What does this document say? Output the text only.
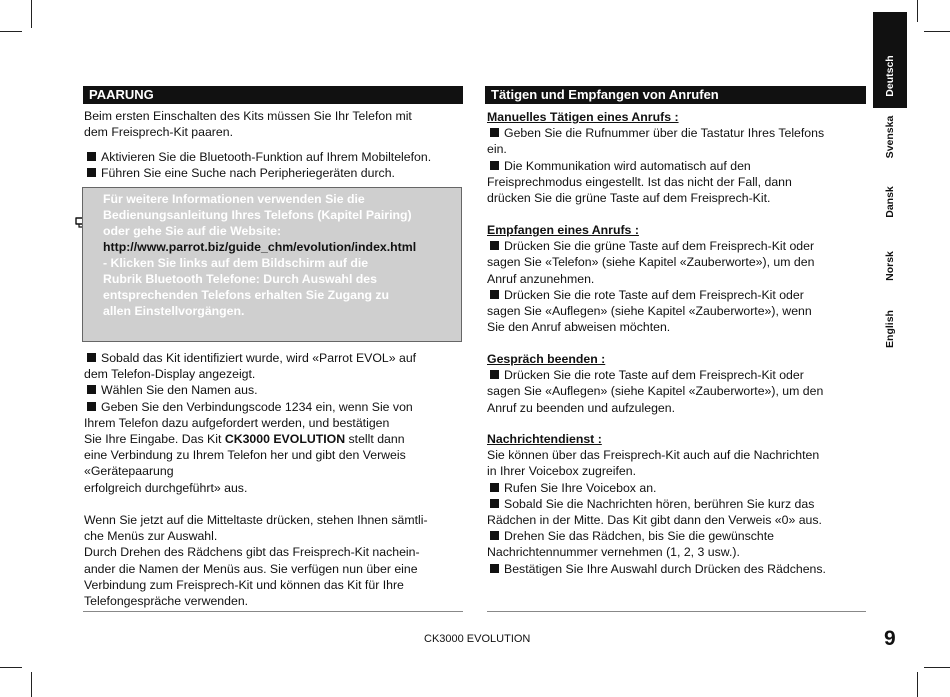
Deutsch
Svenska
Dansk
Norsk
English
PAARUNG
Beim ersten Einschalten des Kits müssen Sie Ihr Telefon mit
dem Freisprech-Kit paaren.
Aktivieren Sie die Bluetooth-Funktion auf Ihrem Mobiltelefon.
Führen Sie eine Suche nach Peripheriegeräten durch.
Für weitere Informationen verwenden Sie die
Bedienungsanleitung Ihres Telefons (Kapitel Pairing)
oder gehe Sie auf die Website:
http://www.parrot.biz/guide_chm/evolution/index.html
- Klicken Sie links auf dem Bildschirm auf die
Rubrik Bluetooth Telefone: Durch Auswahl des
entsprechenden Telefons erhalten Sie Zugang zu
allen Einstellvorgängen.
Sobald das Kit identifiziert wurde, wird «Parrot EVOL» auf
dem Telefon-Display angezeigt.
Wählen Sie den Namen aus.
Geben Sie den Verbindungscode 1234 ein, wenn Sie von
Ihrem Telefon dazu aufgefordert werden, und bestätigen
Sie Ihre Eingabe. Das Kit CK3000 EVOLUTION stellt dann
eine Verbindung zu Ihrem Telefon her und gibt den Verweis
«Gerätepaarung
erfolgreich durchgeführt» aus.
Wenn Sie jetzt auf die Mitteltaste drücken, stehen Ihnen sämtli-
che Menüs zur Auswahl.
Durch Drehen des Rädchens gibt das Freisprech-Kit nachein-
ander die Namen der Menüs aus. Sie verfügen nun über eine
Verbindung zum Freisprech-Kit und können das Kit für Ihre
Telefongespräche verwenden.
Tätigen und Empfangen von Anrufen
Manuelles Tätigen eines Anrufs :
Geben Sie die Rufnummer über die Tastatur Ihres Telefons
ein.
Die Kommunikation wird automatisch auf den
Freisprechmodus eingestellt. Ist das nicht der Fall, dann
drücken Sie die grüne Taste auf dem Freisprech-Kit.
Empfangen eines Anrufs :
Drücken Sie die grüne Taste auf dem Freisprech-Kit oder
sagen Sie «Telefon» (siehe Kapitel «Zauberworte»), um den
Anruf anzunehmen.
Drücken Sie die rote Taste auf dem Freisprech-Kit oder
sagen Sie «Auflegen» (siehe Kapitel «Zauberworte»), wenn
Sie den Anruf abweisen möchten.
Gespräch beenden :
Drücken Sie die rote Taste auf dem Freisprech-Kit oder
sagen Sie «Auflegen» (siehe Kapitel «Zauberworte»), um den
Anruf zu beenden und aufzulegen.
Nachrichtendienst :
Sie können über das Freisprech-Kit auch auf die Nachrichten
in Ihrer Voicebox zugreifen.
Rufen Sie Ihre Voicebox an.
Sobald Sie die Nachrichten hören, berühren Sie kurz das
Rädchen in der Mitte. Das Kit gibt dann den Verweis «0» aus.
Drehen Sie das Rädchen, bis Sie die gewünschte
Nachrichtennummer vernehmen (1, 2, 3 usw.).
Bestätigen Sie Ihre Auswahl durch Drücken des Rädchens.
CK3000 EVOLUTION	9
